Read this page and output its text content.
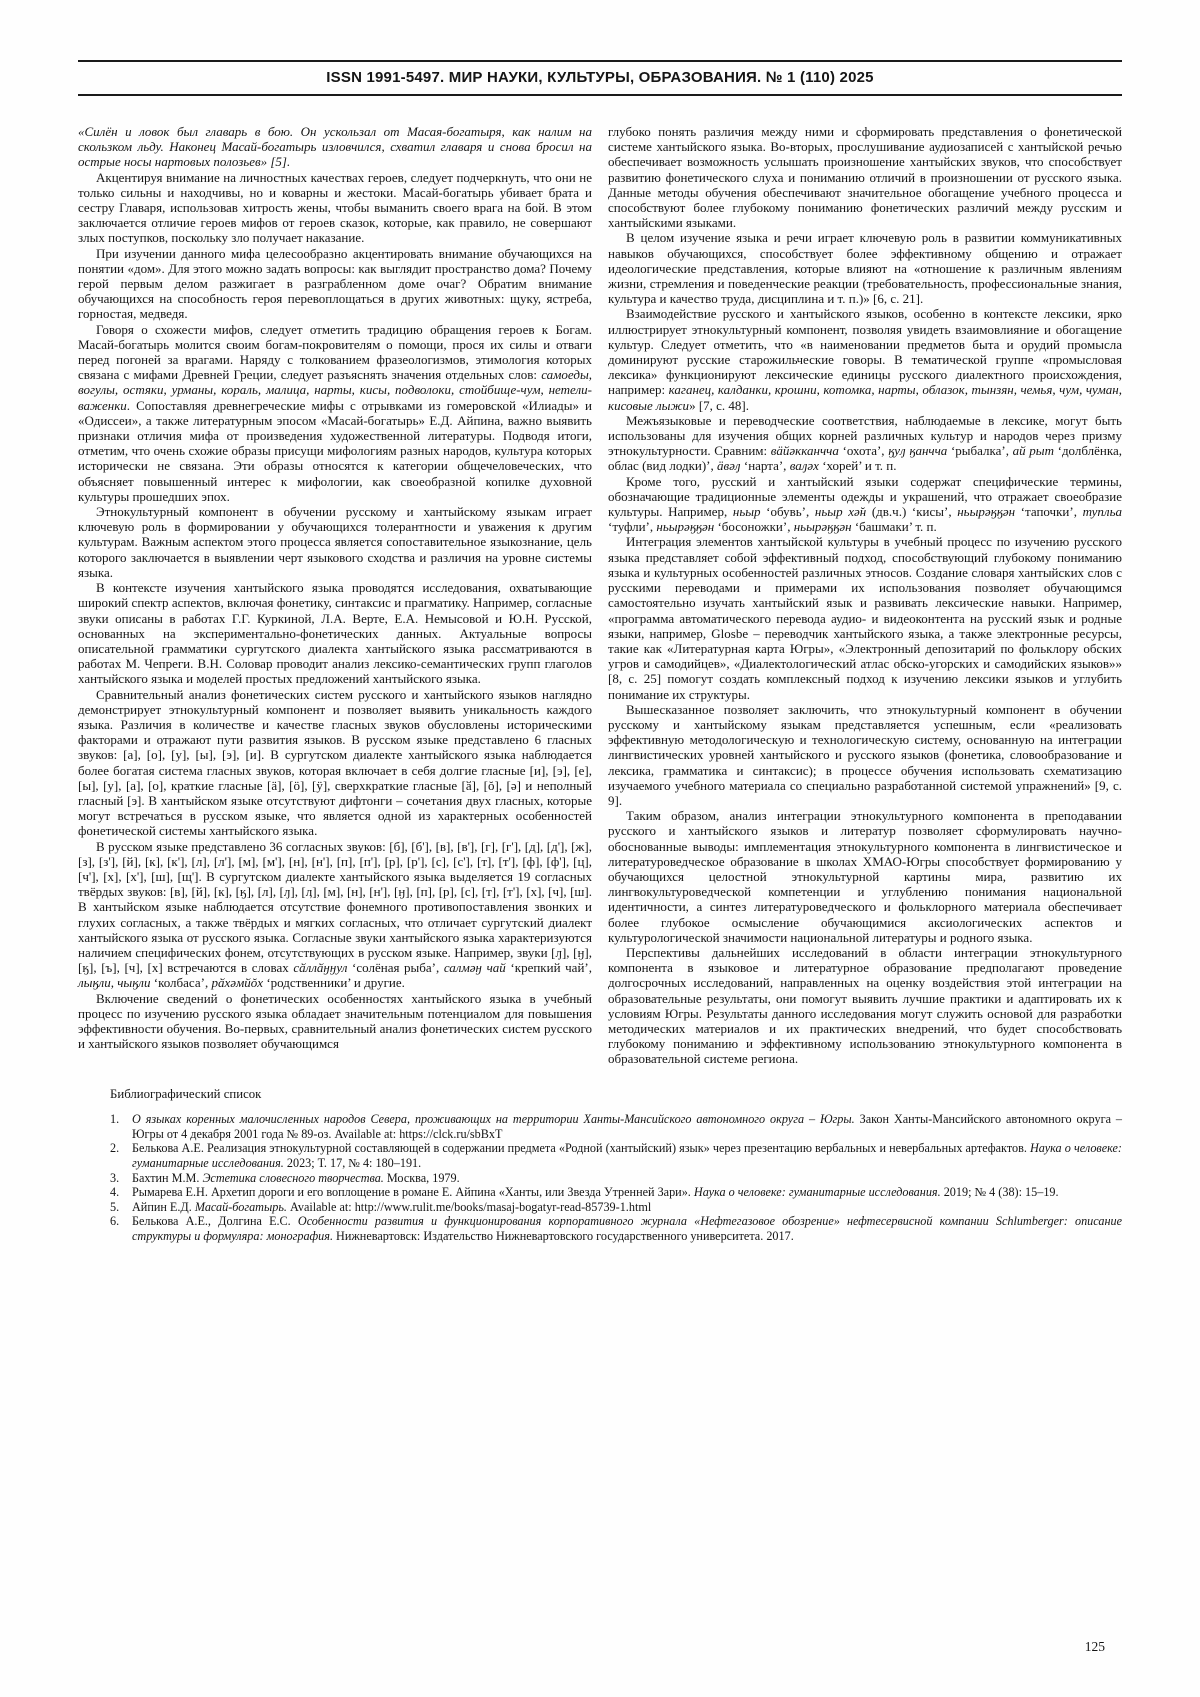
ISSN 1991-5497. МИР НАУКИ, КУЛЬТУРЫ, ОБРАЗОВАНИЯ. № 1 (110) 2025

«Силён и ловок был главарь в бою. Он ускользал от Масая-богатыря, как налим на скользком льду. Наконец Масай-богатырь изловчился, схватил главаря и снова бросил на острые носы нартовых полозьев» [5].

Акцентируя внимание на личностных качествах героев, следует подчеркнуть, что они не только сильны и находчивы, но и коварны и жестоки. Масай-богатырь убивает брата и сестру Главаря, использовав хитрость жены, чтобы выманить своего врага на бой. В этом заключается отличие героев мифов от героев сказок, которые, как правило, не совершают злых поступков, поскольку зло получает наказание.

При изучении данного мифа целесообразно акцентировать внимание обучающихся на понятии «дом». Для этого можно задать вопросы: как выглядит пространство дома? Почему герой первым делом разжигает в разграбленном доме очаг? Обратим внимание обучающихся на способность героя перевоплощаться в других животных: щуку, ястреба, горностая, медведя.

Говоря о схожести мифов, следует отметить традицию обращения героев к Богам. Масай-богатырь молится своим богам-покровителям о помощи, прося их силы и отваги перед погоней за врагами. Наряду с толкованием фразеологизмов, этимология которых связана с мифами Древней Греции, следует разъяснять значения отдельных слов: самоеды, вогулы, остяки, урманы, кораль, малица, нарты, кисы, подволоки, стойбище-чум, нетели-важенки. Сопоставляя древнегреческие мифы с отрывками из гомеровской «Илиады» и «Одиссеи», а также литературным эпосом «Масай-богатырь» Е.Д. Айпина, важно выявить признаки отличия мифа от произведения художественной литературы. Подводя итоги, отметим, что очень схожие образы присущи мифологиям разных народов, культура которых исторически не связана. Эти образы относятся к категории общечеловеческих, что объясняет повышенный интерес к мифологии, как своеобразной копилке духовной культуры прошедших эпох.

Этнокультурный компонент в обучении русскому и хантыйскому языкам играет ключевую роль в формировании у обучающихся толерантности и уважения к другим культурам. Важным аспектом этого процесса является сопоставительное языкознание, цель которого заключается в выявлении черт языкового сходства и различия на уровне системы языка.

В контексте изучения хантыйского языка проводятся исследования, охватывающие широкий спектр аспектов, включая фонетику, синтаксис и прагматику. Например, согласные звуки описаны в работах Г.Г. Куркиной, Л.А. Верте, Е.А. Немысовой и Ю.Н. Русской, основанных на экспериментально-фонетических данных. Актуальные вопросы описательной грамматики сургутского диалекта хантыйского языка рассматриваются в работах М. Чепреги. В.Н. Соловар проводит анализ лексико-семантических групп глаголов хантыйского языка и моделей простых предложений хантыйского языка.

Сравнительный анализ фонетических систем русского и хантыйского языков наглядно демонстрирует этнокультурный компонент и позволяет выявить уникальность каждого языка. Различия в количестве и качестве гласных звуков обусловлены историческими факторами и отражают пути развития языков. В русском языке представлено 6 гласных звуков: [а], [о], [у], [ы], [э], [и]. В сургутском диалекте хантыйского языка наблюдается более богатая система гласных звуков, которая включает в себя долгие гласные [и], [э], [е], [ы], [у], [а], [о], краткие гласные [ӓ], [ӧ], [ӱ], сверхкраткие гласные [ӑ], [ŏ], [ә] и неполный гласный [э]. В хантыйском языке отсутствуют дифтонги – сочетания двух гласных, которые могут встречаться в русском языке, что является одной из характерных особенностей фонетической системы хантыйского языка.

В русском языке представлено 36 согласных звуков: [б], [б'], [в], [в'], [г], [г'], [д], [д'], [ж], [з], [з'], [й], [к], [к'], [л], [л'], [м], [м'], [н], [н'], [п], [п'], [р], [р'], [с], [с'], [т], [т'], [ф], [ф'], [ц], [ч'], [х], [х'], [ш], [щ']. В сургутском диалекте хантыйского языка выделяется 19 согласных твёрдых звуков: [в], [й], [к], [ӄ], [л], [ԓ], [ӆ], [м], [н], [н'], [ӈ], [п], [р], [с], [т], [т'], [х], [ч], [ш]. В хантыйском языке наблюдается отсутствие фонемного противопоставления звонких и глухих согласных, а также твёрдых и мягких согласных, что отличает сургутский диалект хантыйского языка от русского языка. Согласные звуки хантыйского языка характеризуются наличием специфических фонем, отсутствующих в русском языке. Например, звуки [ԓ], [ӈ], [ӄ], [ъ], [ч], [х] встречаются в словах сӑллӑӈӈул ‘солёная рыба’, салмәӈ чай ‘крепкий чай’, лыӄли, чыӄли ‘колбаса’, рӑхәмйŏх ‘родственники’ и другие.

Включение сведений о фонетических особенностях хантыйского языка в учебный процесс по изучению русского языка обладает значительным потенциалом для повышения эффективности обучения. Во-первых, сравнительный анализ фонетических систем русского и хантыйского языков позволяет обучающимся

глубоко понять различия между ними и сформировать представления о фонетической системе хантыйского языка. Во-вторых, прослушивание аудиозаписей с хантыйской речью обеспечивает возможность услышать произношение хантыйских звуков, что способствует развитию фонетического слуха и пониманию отличий в произношении от русского языка. Данные методы обучения обеспечивают значительное обогащение учебного процесса и способствуют более глубокому пониманию фонетических различий между русским и хантыйскими языками.

В целом изучение языка и речи играет ключевую роль в развитии коммуникативных навыков обучающихся, способствует более эффективному общению и отражает идеологические представления, которые влияют на «отношение к различным явлениям жизни, стремления и поведенческие реакции (требовательность, профессиональные знания, культура и качество труда, дисциплина и т. п.)» [6, с. 21].

Взаимодействие русского и хантыйского языков, особенно в контексте лексики, ярко иллюстрирует этнокультурный компонент, позволяя увидеть взаимовлияние и обогащение культур. Следует отметить, что «в наименовании предметов быта и орудий промысла доминируют русские старожильческие говоры. В тематической группе «промысловая лексика» функционируют лексические единицы русского диалектного происхождения, например: каганец, калданки, крошни, котомка, нарты, облазок, тынзян, чемья, чум, чуман, кисовые лыжи» [7, с. 48].

Межъязыковые и переводческие соответствия, наблюдаемые в лексике, могут быть использованы для изучения общих корней различных культур и народов через призму этнокультурности. Сравним: вӓйәкканчча ‘охота’, ӄуԓ ӄанчча ‘рыбалка’, ай рыт ‘долблёнка, облас (вид лодки)’, ӓвәԓ ‘нарта’, ваԓәх ‘хорей’ и т. п.

Кроме того, русский и хантыйский языки содержат специфические термины, обозначающие традиционные элементы одежды и украшений, что отражает своеобразие культуры. Например, ньыр ‘обувь’, ньыр хә̆н (дв.ч.) ‘кисы’, ньырәӄӄән ‘тапочки’, тупльа ‘туфли’, ньырәӄӄән ‘босоножки’, ньырәӄӄән ‘башмаки’ т. п.

Интеграция элементов хантыйской культуры в учебный процесс по изучению русского языка представляет собой эффективный подход, способствующий глубокому пониманию языка и культурных особенностей различных этносов. Создание словаря хантыйских слов с русскими переводами и примерами их использования позволяет обучающимся самостоятельно изучать хантыйский язык и развивать лексические навыки. Например, «программа автоматического перевода аудио- и видеоконтента на русский язык и родные языки, например, Glosbe – переводчик хантыйского языка, а также электронные ресурсы, такие как «Литературная карта Югры», «Электронный депозитарий по фольклору обских угров и самодийцев», «Диалектологический атлас обско-угорских и самодийских языков»» [8, с. 25] помогут создать комплексный подход к изучению лексики языков и углубить понимание их структуры.

Вышесказанное позволяет заключить, что этнокультурный компонент в обучении русскому и хантыйскому языкам представляется успешным, если «реализовать эффективную методологическую и технологическую систему, основанную на интеграции лингвистических уровней хантыйского и русского языков (фонетика, словообразование и лексика, грамматика и синтаксис); в процессе обучения использовать схематизацию изучаемого учебного материала со специально разработанной системой упражнений» [9, с. 9].

Таким образом, анализ интеграции этнокультурного компонента в преподавании русского и хантыйского языков и литератур позволяет сформулировать научно-обоснованные выводы: имплементация этнокультурного компонента в лингвистическое и литературоведческое образование в школах ХМАО-Югры способствует формированию у обучающихся целостной этнокультурной картины мира, развитию их лингвокультуроведческой компетенции и углублению понимания национальной идентичности, а синтез литературоведческого и фольклорного материала обеспечивает более глубокое осмысление обучающимися аксиологических аспектов и культурологической значимости национальной литературы и родного языка.

Перспективы дальнейших исследований в области интеграции этнокультурного компонента в языковое и литературное образование предполагают проведение долгосрочных исследований, направленных на оценку воздействия этой интеграции на образовательные результаты, они помогут выявить лучшие практики и адаптировать их к условиям Югры. Результаты данного исследования могут служить основой для разработки методических материалов и их практических внедрений, что будет способствовать глубокому пониманию и эффективному использованию этнокультурного компонента в образовательной системе региона.

Библиографический список
1.	О языках коренных малочисленных народов Севера, проживающих на территории Ханты-Мансийского автономного округа – Югры. Закон Ханты-Мансийского автономного округа – Югры от 4 декабря 2001 года № 89-оз. Available at: https://clck.ru/sbBxT
2.	Белькова А.Е. Реализация этнокультурной составляющей в содержании предмета «Родной (хантыйский) язык» через презентацию вербальных и невербальных артефактов. Наука о человеке: гуманитарные исследования. 2023; Т. 17, № 4: 180–191.
3.	Бахтин М.М. Эстетика словесного творчества. Москва, 1979.
4.	Рымарева Е.Н. Архетип дороги и его воплощение в романе Е. Айпина «Ханты, или Звезда Утренней Зари». Наука о человеке: гуманитарные исследования. 2019; № 4 (38): 15–19.
5.	Айпин Е.Д. Масай-богатырь. Available at: http://www.rulit.me/books/masaj-bogatyr-read-85739-1.html
6.	Белькова А.Е., Долгина Е.С. Особенности развития и функционирования корпоративного журнала «Нефтегазовое обозрение» нефтесервисной компании Schlumberger: описание структуры и формуляра: монография. Нижневартовск: Издательство Нижневартовского государственного университета. 2017.
125
